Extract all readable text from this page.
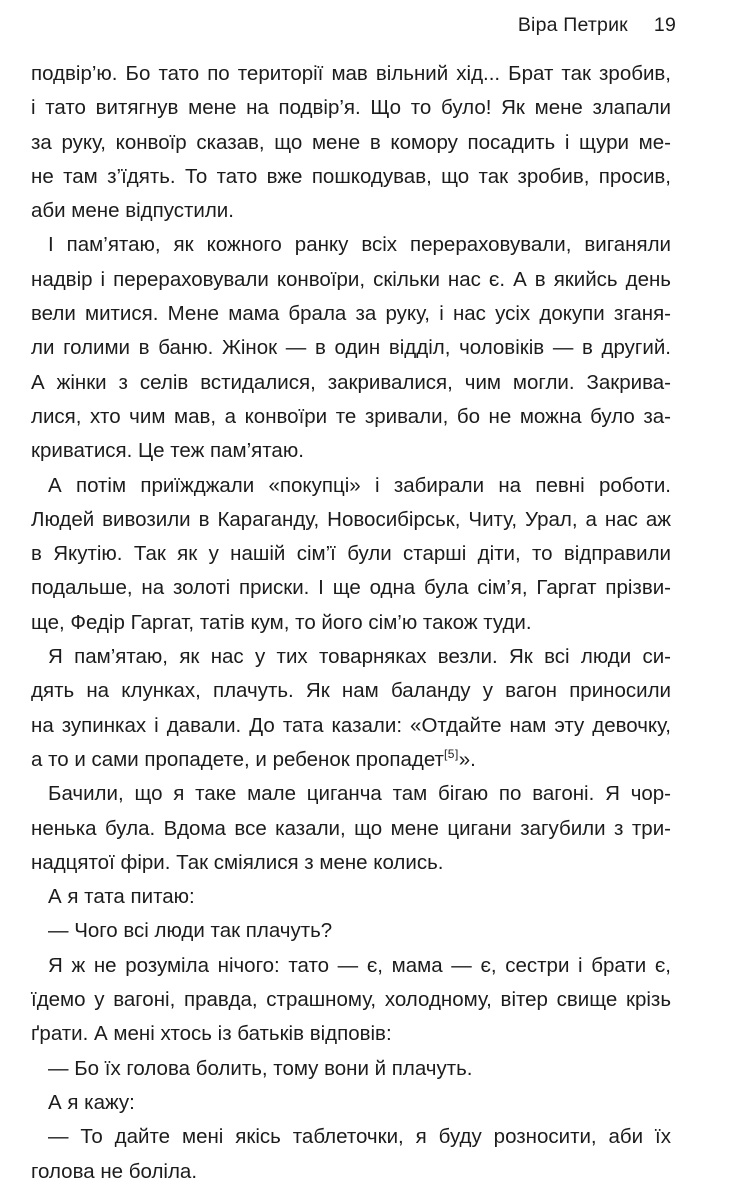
Віра Петрик 19
подвір’ю. Бо тато по території мав вільний хід... Брат так зробив,
і тато витягнув мене на подвір’я. Що то було! Як мене злапали
за руку, конвоїр сказав, що мене в комору посадить і щури ме-
не там з’їдять. То тато вже пошкодував, що так зробив, просив,
аби мене відпустили.
І пам’ятаю, як кожного ранку всіх перераховували, виганяли
надвір і перераховували конвоїри, скільки нас є. А в якийсь день
вели митися. Мене мама брала за руку, і нас усіх докупи зганя-
ли голими в баню. Жінок — в один відділ, чоловіків — в другий.
А жінки з селів встидалися, закривалися, чим могли. Закрива-
лися, хто чим мав, а конвоїри те зривали, бо не можна було за-
криватися. Це теж пам’ятаю.
А потім приїжджали «покупці» і забирали на певні роботи.
Людей вивозили в Караганду, Новосибірськ, Читу, Урал, а нас аж
в Якутію. Так як у нашій сім’ї були старші діти, то відправили
подальше, на золоті приски. І ще одна була сім’я, Гаргат прізви-
ще, Федір Гаргат, татів кум, то його сім’ю також туди.
Я пам’ятаю, як нас у тих товарняках везли. Як всі люди си-
дять на клунках, плачуть. Як нам баланду у вагон приносили
на зупинках і давали. До тата казали: «Отдайте нам эту девочку,
а то и сами пропадете, и ребенок пропадет[5]».
Бачили, що я таке мале циганча там бігаю по вагоні. Я чор-
ненька була. Вдома все казали, що мене цигани загубили з три-
надцятої фіри. Так сміялися з мене колись.
А я тата питаю:
— Чого всі люди так плачуть?
Я ж не розуміла нічого: тато — є, мама — є, сестри і брати є,
їдемо у вагоні, правда, страшному, холодному, вітер свище крізь
ґрати. А мені хтось із батьків відповів:
— Бо їх голова болить, тому вони й плачуть.
А я кажу:
— То дайте мені якісь таблеточки, я буду розносити, аби їх
голова не боліла.
